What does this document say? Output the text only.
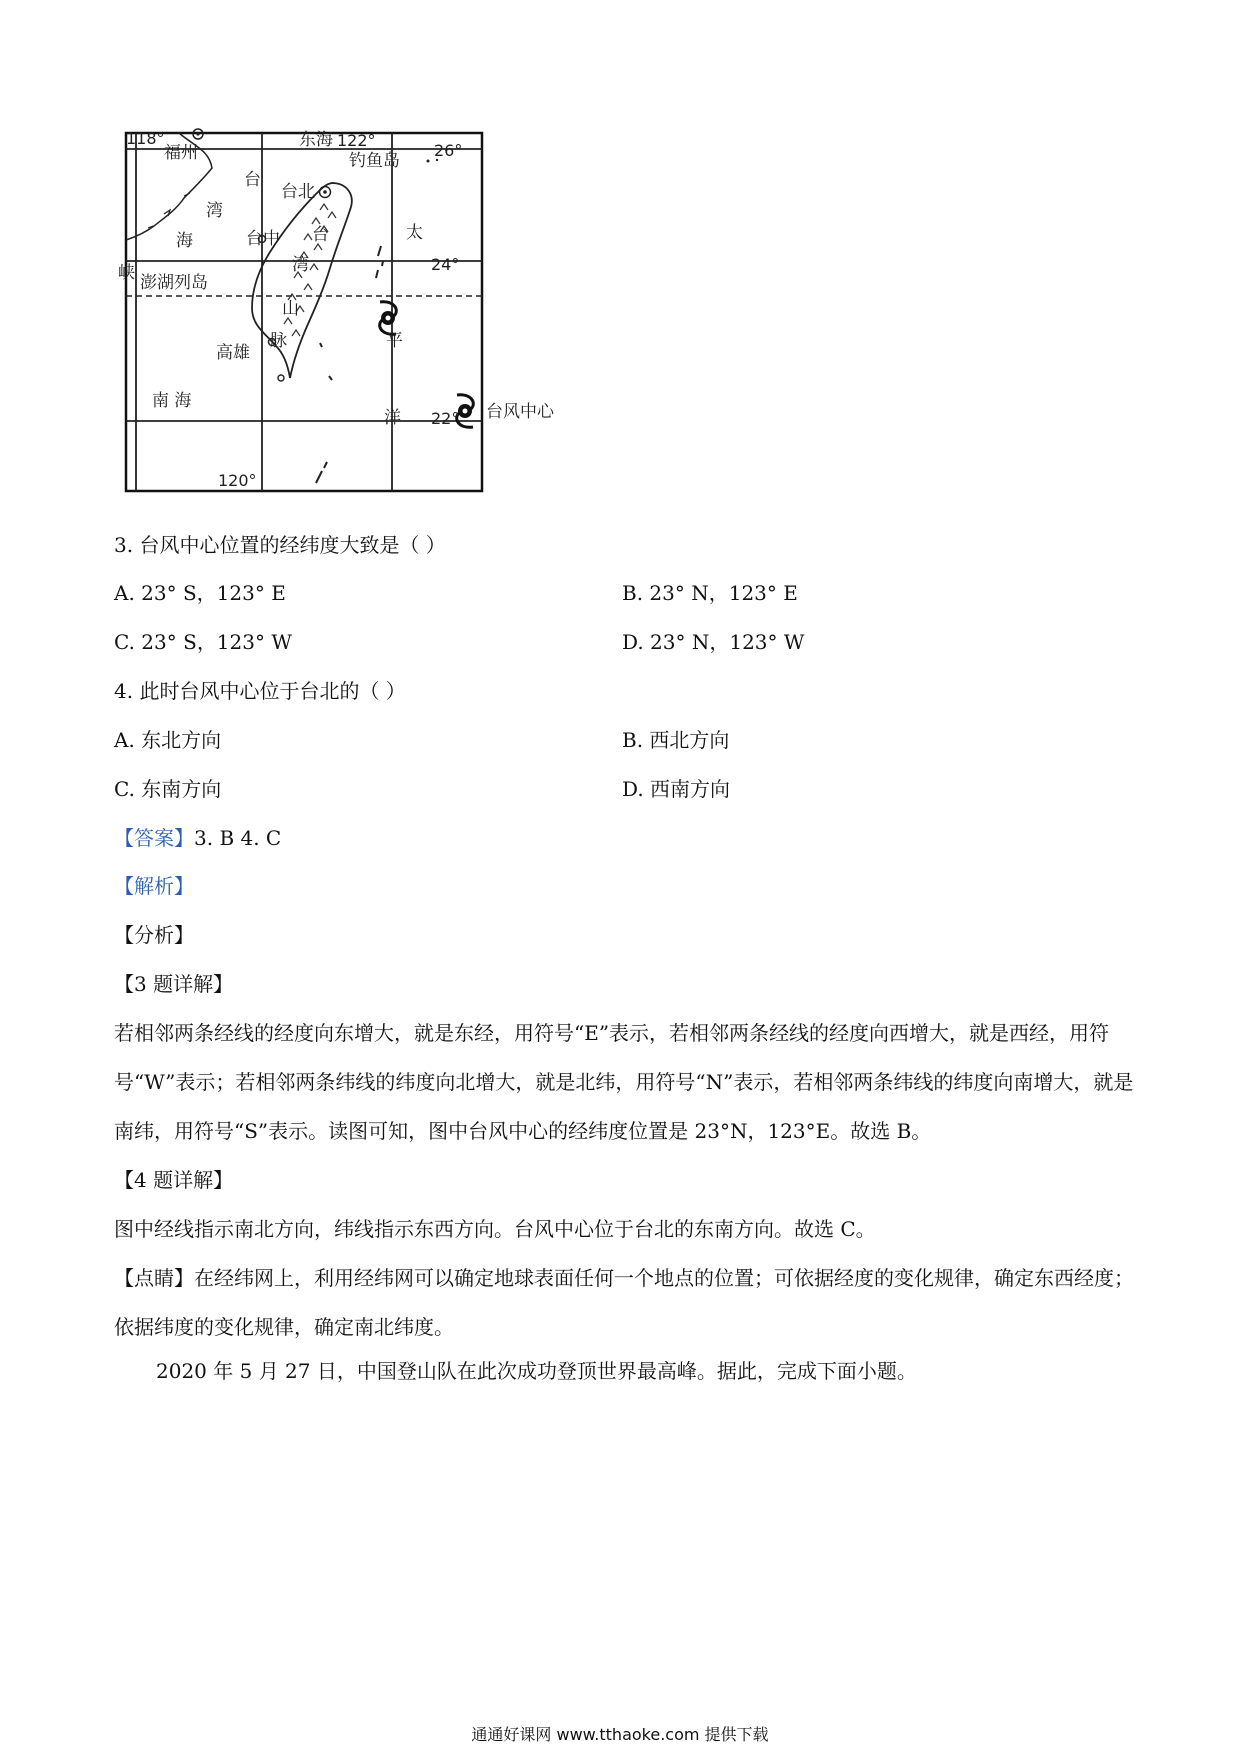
118°	122°
120°
26°
24°
22°
福州
东海
钓鱼岛
台
台北
湾
海	台中 台
湾
山
脉
太
平
洋
峡 澎湖列岛
高雄
南 海
台风中心
3. 台风中心位置的经纬度大致是（ ）
A. 23° S，123° E	B. 23° N，123° E
C. 23° S，123° W	D. 23° N，123° W
4. 此时台风中心位于台北的（ ）
A. 东北方向	B. 西北方向
C. 东南方向	D. 西南方向
【答案】3. B 4. C
【解析】
【分析】
【3 题详解】
若相邻两条经线的经度向东增大，就是东经，用符号“E”表示，若相邻两条经线的经度向西增大，就是西经，用符号“W”表示；若相邻两条纬线的纬度向北增大，就是北纬，用符号“N”表示，若相邻两条纬线的纬度向南增大，就是南纬，用符号“S”表示。读图可知，图中台风中心的经纬度位置是 23°N，123°E。故选 B。
【4 题详解】
图中经线指示南北方向，纬线指示东西方向。台风中心位于台北的东南方向。故选 C。
【点睛】在经纬网上，利用经纬网可以确定地球表面任何一个地点的位置；可依据经度的变化规律，确定东西经度；依据纬度的变化规律，确定南北纬度。
2020 年 5 月 27 日，中国登山队在此次成功登顶世界最高峰。据此，完成下面小题。
通通好课网 www.tthaoke.com 提供下载
